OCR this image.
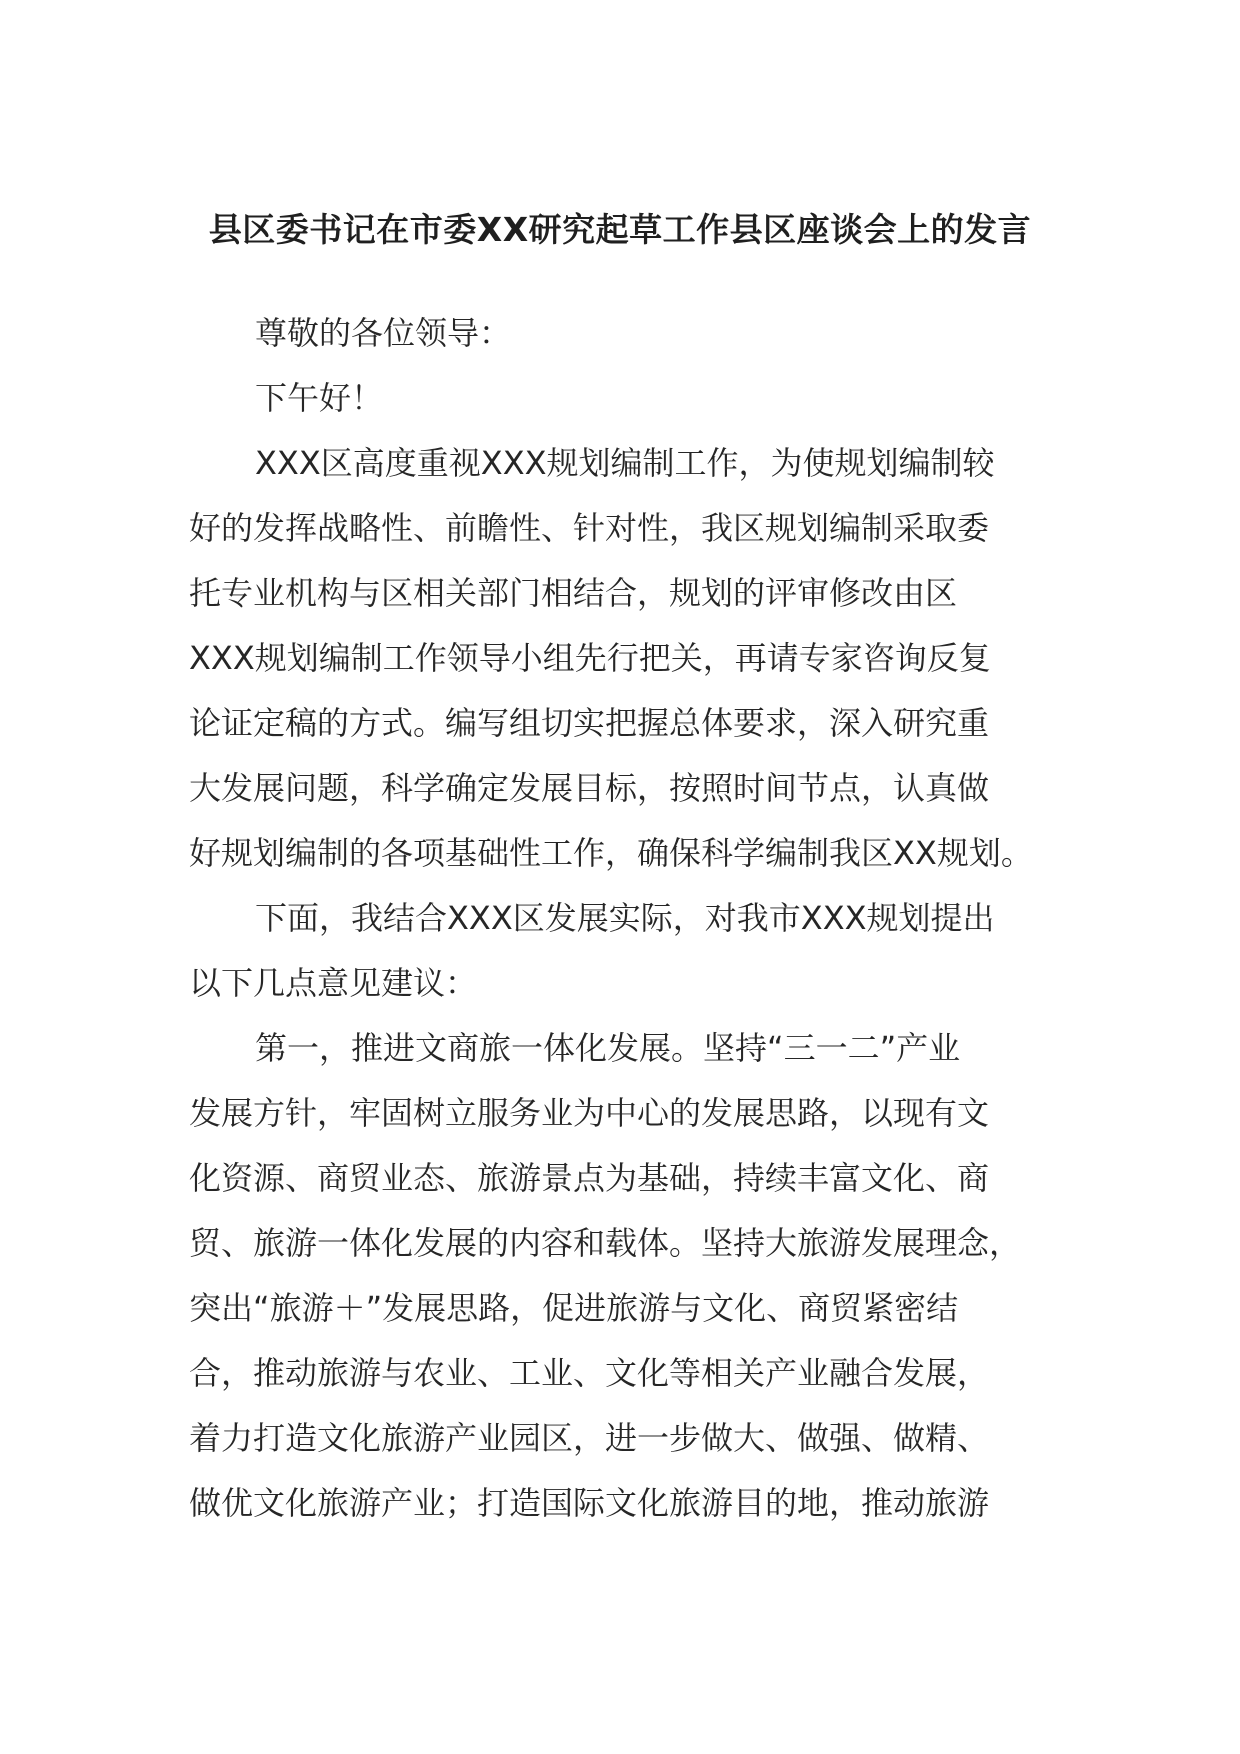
县区委书记在市委XX研究起草工作县区座谈会上的发言
尊敬的各位领导：
下午好！
XXX区高度重视XXX规划编制工作，为使规划编制较
好的发挥战略性、前瞻性、针对性，我区规划编制采取委
托专业机构与区相关部门相结合，规划的评审修改由区
XXX规划编制工作领导小组先行把关，再请专家咨询反复
论证定稿的方式。编写组切实把握总体要求，深入研究重
大发展问题，科学确定发展目标，按照时间节点，认真做
好规划编制的各项基础性工作，确保科学编制我区XX规划。
下面，我结合XXX区发展实际，对我市XXX规划提出
以下几点意见建议：
第一，推进文商旅一体化发展。坚持“三一二”产业
发展方针，牢固树立服务业为中心的发展思路，以现有文
化资源、商贸业态、旅游景点为基础，持续丰富文化、商
贸、旅游一体化发展的内容和载体。坚持大旅游发展理念，
突出“旅游＋”发展思路，促进旅游与文化、商贸紧密结
合，推动旅游与农业、工业、文化等相关产业融合发展，
着力打造文化旅游产业园区，进一步做大、做强、做精、
做优文化旅游产业；打造国际文化旅游目的地，推动旅游
